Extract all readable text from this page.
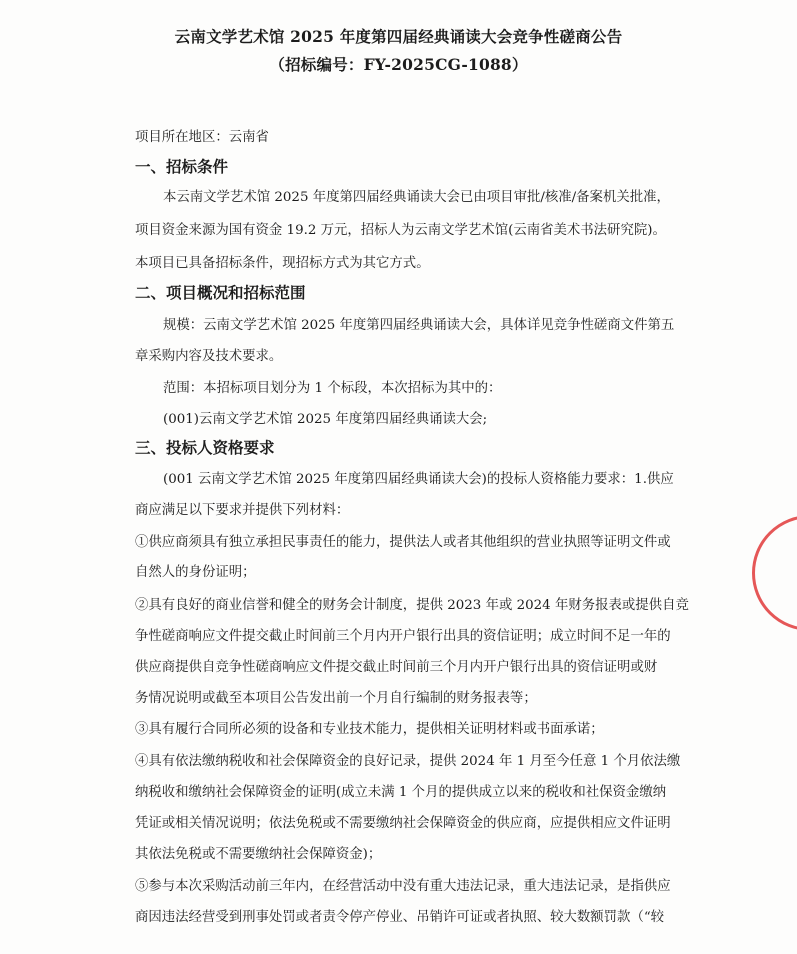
云南文学艺术馆 2025 年度第四届经典诵读大会竞争性磋商公告
（招标编号：FY-2025CG-1088）
项目所在地区：云南省
一、招标条件
本云南文学艺术馆 2025 年度第四届经典诵读大会已由项目审批/核准/备案机关批准，
项目资金来源为国有资金 19.2 万元，招标人为云南文学艺术馆(云南省美术书法研究院)。
本项目已具备招标条件，现招标方式为其它方式。
二、项目概况和招标范围
规模：云南文学艺术馆 2025 年度第四届经典诵读大会，具体详见竞争性磋商文件第五
章采购内容及技术要求。
范围：本招标项目划分为 1 个标段，本次招标为其中的：
(001)云南文学艺术馆 2025 年度第四届经典诵读大会;
三、投标人资格要求
(001 云南文学艺术馆 2025 年度第四届经典诵读大会)的投标人资格能力要求：1.供应
商应满足以下要求并提供下列材料：
①供应商须具有独立承担民事责任的能力，提供法人或者其他组织的营业执照等证明文件或
自然人的身份证明；
②具有良好的商业信誉和健全的财务会计制度，提供 2023 年或 2024 年财务报表或提供自竞
争性磋商响应文件提交截止时间前三个月内开户银行出具的资信证明；成立时间不足一年的
供应商提供自竞争性磋商响应文件提交截止时间前三个月内开户银行出具的资信证明或财
务情况说明或截至本项目公告发出前一个月自行编制的财务报表等；
③具有履行合同所必须的设备和专业技术能力，提供相关证明材料或书面承诺；
④具有依法缴纳税收和社会保障资金的良好记录，提供 2024 年 1 月至今任意 1 个月依法缴
纳税收和缴纳社会保障资金的证明(成立未满 1 个月的提供成立以来的税收和社保资金缴纳
凭证或相关情况说明；依法免税或不需要缴纳社会保障资金的供应商，应提供相应文件证明
其依法免税或不需要缴纳社会保障资金)；
⑤参与本次采购活动前三年内，在经营活动中没有重大违法记录，重大违法记录，是指供应
商因违法经营受到刑事处罚或者责令停产停业、吊销许可证或者执照、较大数额罚款（“较
